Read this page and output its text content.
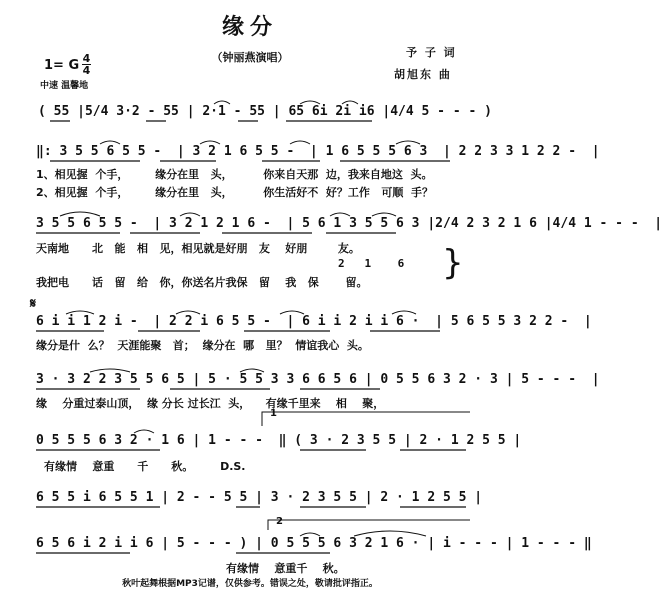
缘分
（钟丽燕演唱）	予 子 词
胡旭东 曲
1= G 4
4
中速 温馨地
( 55 |5/4 3·2 - 55 | 2·1 - 55 | 65 6i 2i i6 |4/4 5 - - - )
‖: 3 5 5 6 5 5 -  | 3 2 1 6 5 5 -  | 1 6 5 5 5 6 3  | 2 2 3 3 1 2 2 -  |
1、相见握  个手，       缘分在里   头，        你来自天那  边，我来自地这  头。
2、相见握  个手，       缘分在里   头，        你生活好不  好？工作   可顺  手？
3 5 5 6 5 5 -  | 3 2 1 2 1 6 -  | 5 6 1 3 5 5 6 3 |2/4 2 3 2 1 6 |4/4 1 - - -  |
天南地      北   能   相   见，相见就是好朋   友    好朋        友。
2   1    6
我把电      话   留   给   你，你送名片我保   留    我   保       留。 }
𝄋
6 i i 1 2 i -  | 2 2 i 6 5 5 -  | 6 i i 2 i i 6 ·  | 5 6 5 5 3 2 2 -  |
缘分是什  么？  天涯能聚   首；  缘分在  哪   里？  情谊我心  头。
3 · 3 2 2 3 5 5 6 5 | 5 · 5 5 3 3 6 6 5 6 | 0 5 5 6 3 2 · 3 | 5 - - -  |
缘    分重过泰山顶，  缘 分长 过长江  头，    有缘千里来    相    聚，
1
0 5 5 5 6 3 2 · 1 6 | 1 - - -  ‖ ( 3 · 2 3 5 5 | 2 · 1 2 5 5 |
有缘情    意重      千      秋。       D.S.
6 5 5 i 6 5 5 1 | 2 - - 5 5 | 3 · 2 3 5 5 | 2 · 1 2 5 5 |
2
6 5 6 i 2 i i 6 | 5 - - - ) | 0 5 5 5 6 3 2 1 6 · | i - - - | 1 - - - ‖
有缘情    意重千    秋。
秋叶起舞根据MP3记谱，仅供参考。错误之处，敬请批评指正。
